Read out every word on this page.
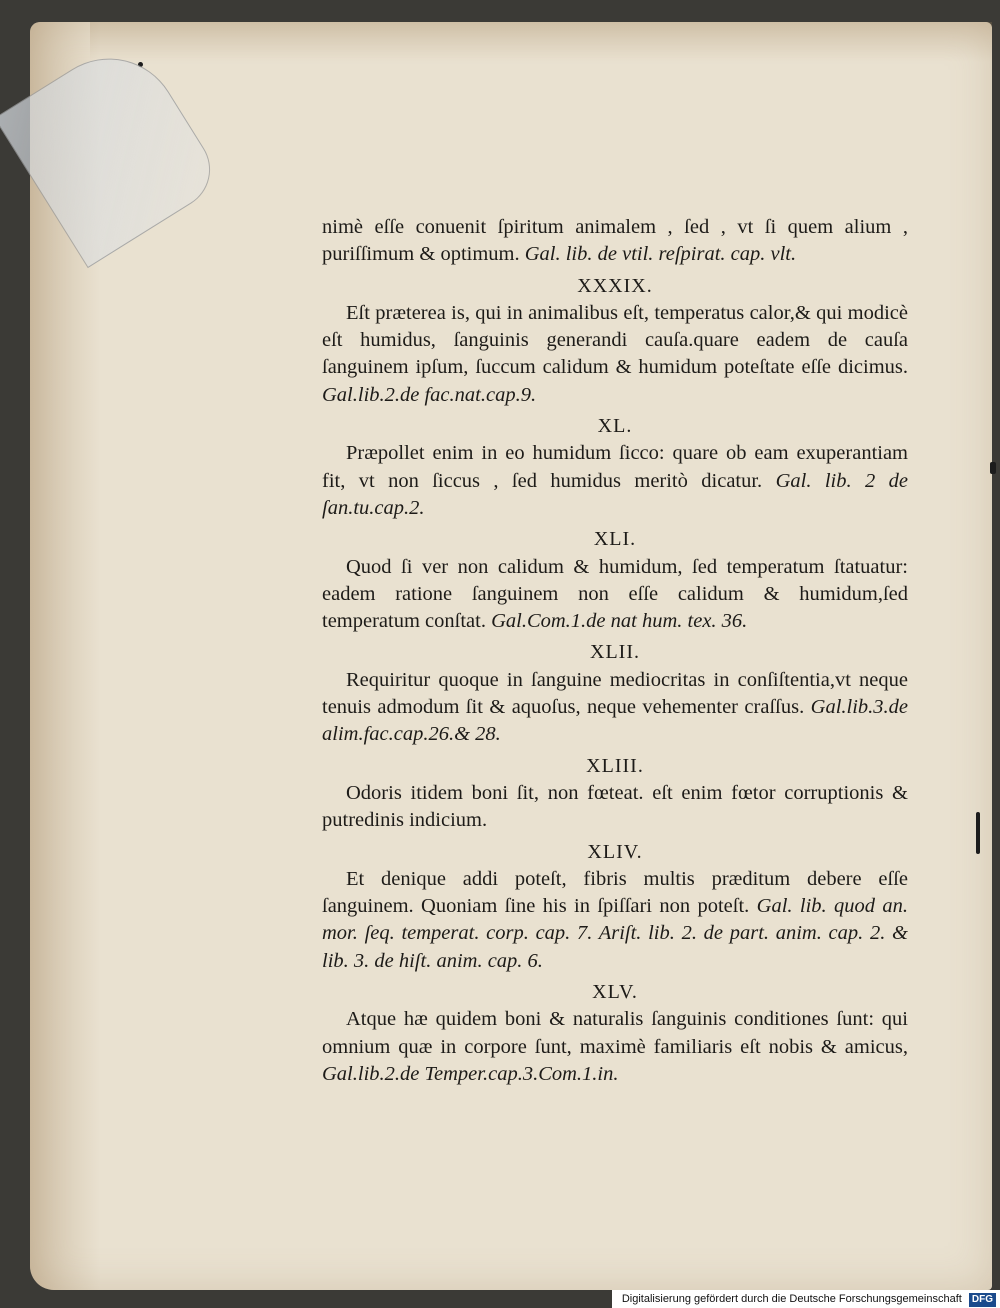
nimè eſſe conuenit ſpiritum animalem , ſed , vt ſi quem alium , puriſſimum & optimum. Gal. lib. de vtil. reſpirat. cap. vlt.

XXXIX.

Eſt præterea is, qui in animalibus eſt, temperatus calor,& qui modicè eſt humidus, ſanguinis generandi cauſa.quare eadem de cauſa ſanguinem ipſum, ſuccum calidum & humidum poteſtate eſſe dicimus. Gal.lib.2.de fac.nat.cap.9.

XL.

Præpollet enim in eo humidum ſicco: quare ob eam exuperantiam fit, vt non ſiccus , ſed humidus meritò dicatur. Gal. lib. 2 de ſan.tu.cap.2.

XLI.

Quod ſi ver non calidum & humidum, ſed temperatum ſtatuatur: eadem ratione ſanguinem non eſſe calidum & humidum,ſed temperatum conſtat. Gal.Com.1.de nat hum. tex. 36.

XLII.

Requiritur quoque in ſanguine mediocritas in conſiſtentia,vt neque tenuis admodum ſit & aquoſus, neque vehementer craſſus. Gal.lib.3.de alim.fac.cap.26.& 28.

XLIII.

Odoris itidem boni ſit, non fœteat. eſt enim fœtor corruptionis & putredinis indicium.

XLIV.

Et denique addi poteſt, fibris multis præditum debere eſſe ſanguinem. Quoniam ſine his in ſpiſſari non poteſt. Gal. lib. quod an. mor. ſeq. temperat. corp. cap. 7. Ariſt. lib. 2. de part. anim. cap. 2. & lib. 3. de hiſt. anim. cap. 6.

XLV.

Atque hæ quidem boni & naturalis ſanguinis conditiones ſunt: qui omnium quæ in corpore ſunt, maximè familiaris eſt nobis & amicus, Gal.lib.2.de Temper.cap.3.Com.1.in.

Digitalisierung gefördert durch die Deutsche Forschungsgemeinschaft DFG
